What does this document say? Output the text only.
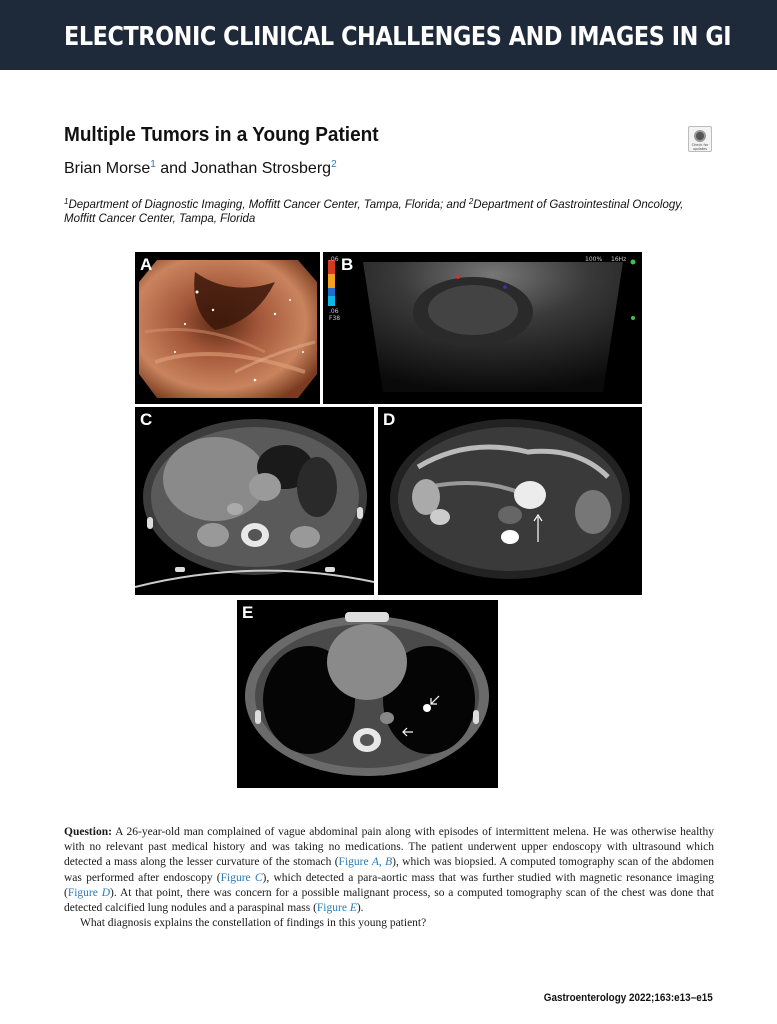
ELECTRONIC CLINICAL CHALLENGES AND IMAGES IN GI
Multiple Tumors in a Young Patient	Check for updates
Brian Morse$^1$ and Jonathan Strosberg$^2$
$^1$Department of Diagnostic Imaging, Moffitt Cancer Center, Tampa, Florida; and $^2$Department of Gastrointestinal Oncology, Moffitt Cancer Center, Tampa, Florida
A	B
.06
.06
F38
100% 16Hz
C	D
E

Question: A 26-year-old man complained of vague abdominal pain along with episodes of intermittent melena. He was otherwise healthy with no relevant past medical history and was taking no medications. The patient underwent upper endoscopy with ultrasound which detected a mass along the lesser curvature of the stomach (Figure A, B), which was biopsied. A computed tomography scan of the abdomen was performed after endoscopy (Figure C), which detected a para-aortic mass that was further studied with magnetic resonance imaging (Figure D). At that point, there was concern for a possible malignant process, so a computed tomography scan of the chest was done that detected calcified lung nodules and a paraspinal mass (Figure E).

What diagnosis explains the constellation of findings in this young patient?

Gastroenterology 2022;163:e13–e15
